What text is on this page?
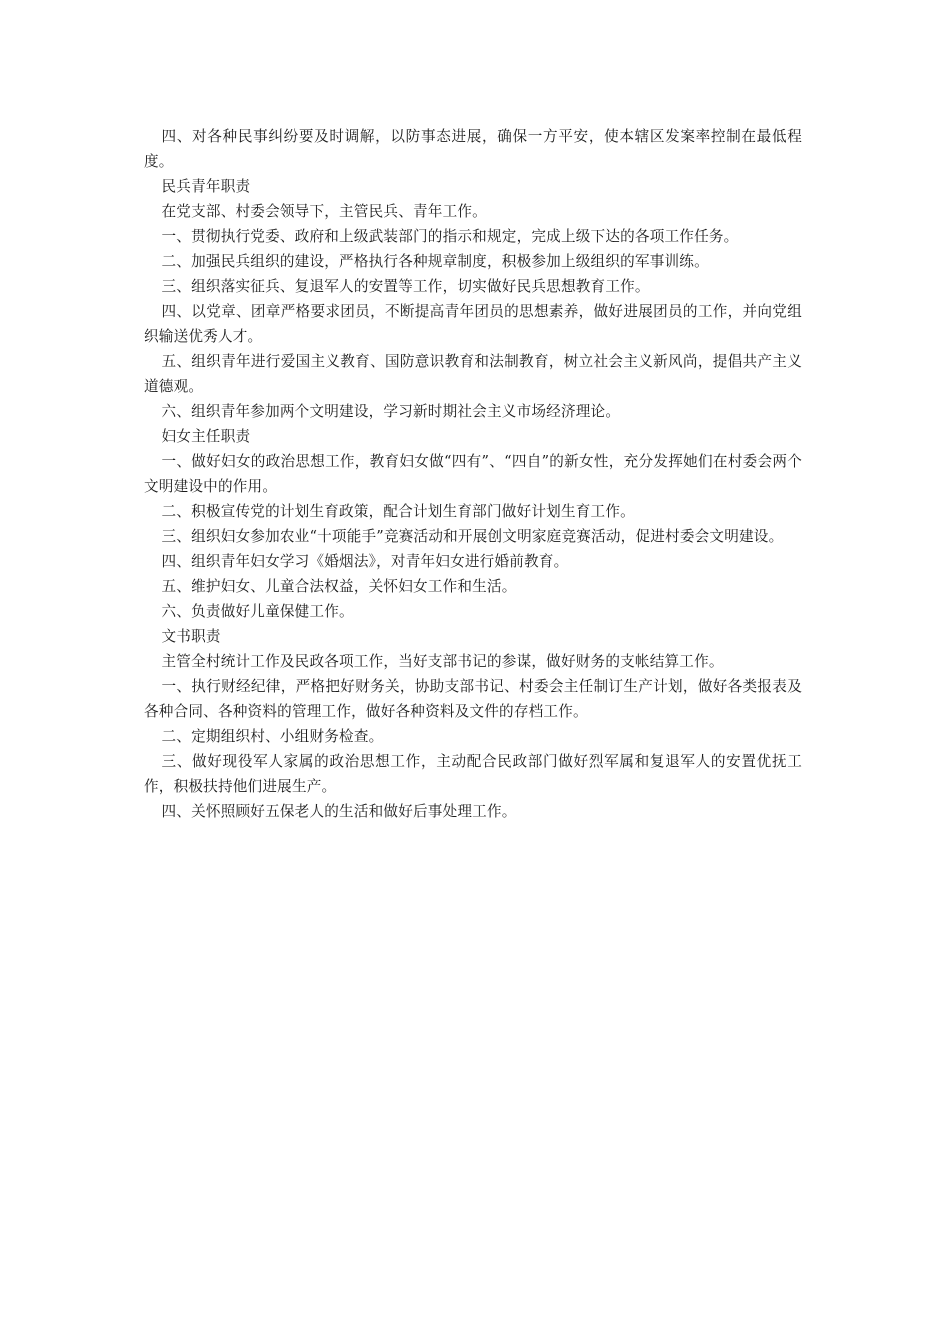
四、对各种民事纠纷要及时调解，以防事态进展，确保一方平安，使本辖区发案率控制在最低程度。

民兵青年职责

在党支部、村委会领导下，主管民兵、青年工作。

一、贯彻执行党委、政府和上级武装部门的指示和规定，完成上级下达的各项工作任务。

二、加强民兵组织的建设，严格执行各种规章制度，积极参加上级组织的军事训练。

三、组织落实征兵、复退军人的安置等工作，切实做好民兵思想教育工作。

四、以党章、团章严格要求团员，不断提高青年团员的思想素养，做好进展团员的工作，并向党组织输送优秀人才。

五、组织青年进行爱国主义教育、国防意识教育和法制教育，树立社会主义新风尚，提倡共产主义道德观。

六、组织青年参加两个文明建设，学习新时期社会主义市场经济理论。

妇女主任职责

一、做好妇女的政治思想工作，教育妇女做“四有”、“四自”的新女性，充分发挥她们在村委会两个文明建设中的作用。

二、积极宣传党的计划生育政策，配合计划生育部门做好计划生育工作。

三、组织妇女参加农业“十项能手”竞赛活动和开展创文明家庭竞赛活动，促进村委会文明建设。

四、组织青年妇女学习《婚烟法》，对青年妇女进行婚前教育。

五、维护妇女、儿童合法权益，关怀妇女工作和生活。

六、负责做好儿童保健工作。

文书职责

主管全村统计工作及民政各项工作，当好支部书记的参谋，做好财务的支帐结算工作。

一、执行财经纪律，严格把好财务关，协助支部书记、村委会主任制订生产计划，做好各类报表及各种合同、各种资料的管理工作，做好各种资料及文件的存档工作。

二、定期组织村、小组财务检查。

三、做好现役军人家属的政治思想工作，主动配合民政部门做好烈军属和复退军人的安置优抚工作，积极扶持他们进展生产。

四、关怀照顾好五保老人的生活和做好后事处理工作。
